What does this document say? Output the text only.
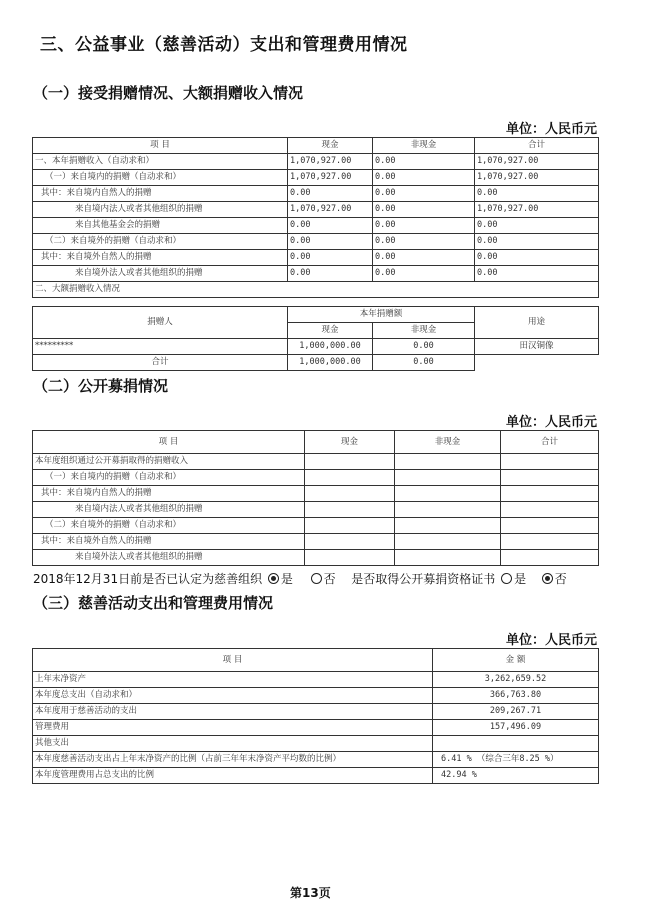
三、公益事业（慈善活动）支出和管理费用情况
（一）接受捐赠情况、大额捐赠收入情况
单位：人民币元
项 目	现金	非现金	合计
一、本年捐赠收入（自动求和）	1,070,927.00	0.00	1,070,927.00
（一）来自境内的捐赠（自动求和）	1,070,927.00	0.00	1,070,927.00
其中：来自境内自然人的捐赠	0.00	0.00	0.00
来自境内法人或者其他组织的捐赠	1,070,927.00	0.00	1,070,927.00
来自其他基金会的捐赠	0.00	0.00	0.00
（二）来自境外的捐赠（自动求和）	0.00	0.00	0.00
其中：来自境外自然人的捐赠	0.00	0.00	0.00
来自境外法人或者其他组织的捐赠	0.00	0.00	0.00
二、大额捐赠收入情况			
捐赠人	本年捐赠额		用途
	现金	非现金	
*********	1,000,000.00	0.00	田汉铜像
合计	1,000,000.00	0.00
（二）公开募捐情况
单位：人民币元
项 目	现金	非现金	合计
本年度组织通过公开募捐取得的捐赠收入			
（一）来自境内的捐赠（自动求和）			
其中：来自境内自然人的捐赠			
来自境内法人或者其他组织的捐赠			
（二）来自境外的捐赠（自动求和）			
其中：来自境外自然人的捐赠			
来自境外法人或者其他组织的捐赠			
2018年12月31日前是否已认定为慈善组织 是	否 是否取得公开募捐资格证书 是 否
（三）慈善活动支出和管理费用情况
单位：人民币元
项 目	金 额
上年末净资产	3,262,659.52
本年度总支出（自动求和）	366,763.80
本年度用于慈善活动的支出	209,267.71
管理费用	157,496.09
其他支出	
本年度慈善活动支出占上年末净资产的比例（占前三年年末净资产平均数的比例）	6.41 % （综合三年8.25 %）
本年度管理费用占总支出的比例	42.94 %
第13页
